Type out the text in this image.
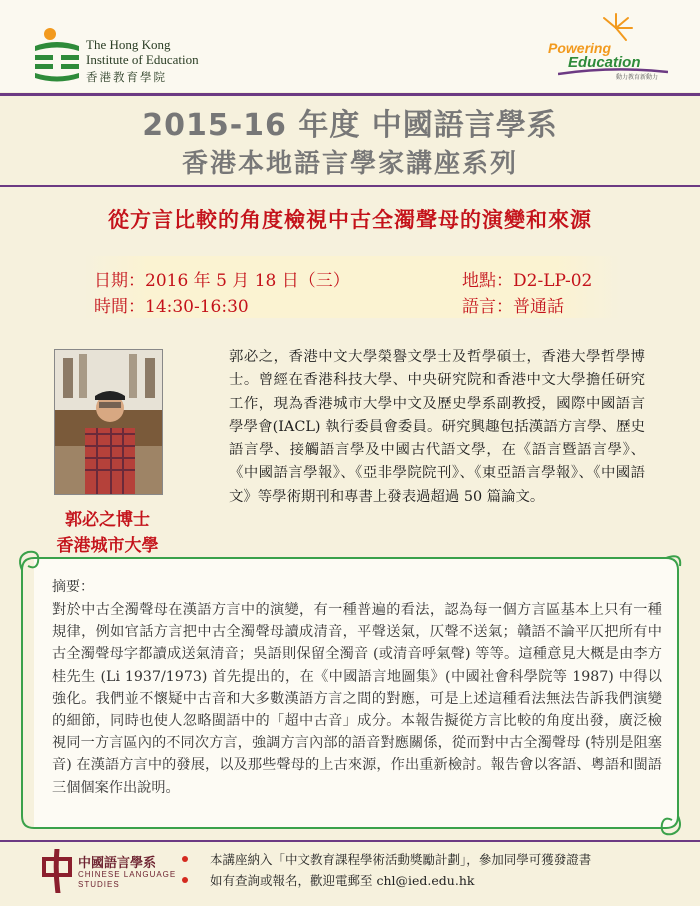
The Hong Kong
Institute of Education
香港教育學院
Powering
Education
動力教育新動力
2015-16 年度 中國語言學系
香港本地語言學家講座系列
從方言比較的角度檢視中古全濁聲母的演變和來源
日期：2016 年 5 月 18 日（三）
時間：14:30-16:30
地點：D2-LP-02
語言：普通話
郭必之博士
香港城市大學
郭必之，香港中文大學榮譽文學士及哲學碩士，香港大學哲學博士。曾經在香港科技大學、中央研究院和香港中文大學擔任研究工作，現為香港城市大學中文及歷史學系副教授，國際中國語言學學會(IACL) 執行委員會委員。研究興趣包括漢語方言學、歷史語言學、接觸語言學及中國古代語文學，在《語言暨語言學》、《中國語言學報》、《亞非學院院刊》、《東亞語言學報》、《中國語文》等學術期刊和專書上發表過超過 50 篇論文。
摘要：
對於中古全濁聲母在漢語方言中的演變，有一種普遍的看法，認為每一個方言區基本上只有一種規律，例如官話方言把中古全濁聲母讀成清音，平聲送氣，仄聲不送氣；贛語不論平仄把所有中古全濁聲母字都讀成送氣清音；吳語則保留全濁音 (或清音呼氣聲) 等等。這種意見大概是由李方桂先生 (Li 1937/1973) 首先提出的，在《中國語言地圖集》(中國社會科學院等 1987) 中得以強化。我們並不懷疑中古音和大多數漢語方言之間的對應，可是上述這種看法無法告訴我們演變的細節，同時也使人忽略閩語中的「超中古音」成分。本報告擬從方言比較的角度出發，廣泛檢視同一方言區內的不同次方言，強調方言內部的語音對應關係，從而對中古全濁聲母 (特別是阻塞音) 在漢語方言中的發展，以及那些聲母的上古來源，作出重新檢討。報告會以客語、粵語和閩語三個個案作出說明。
中國語言學系
CHINESE LANGUAGE
STUDIES
本講座納入「中文教育課程學術活動獎勵計劃」，參加同學可獲發證書
如有查詢或報名，歡迎電郵至 chl@ied.edu.hk
